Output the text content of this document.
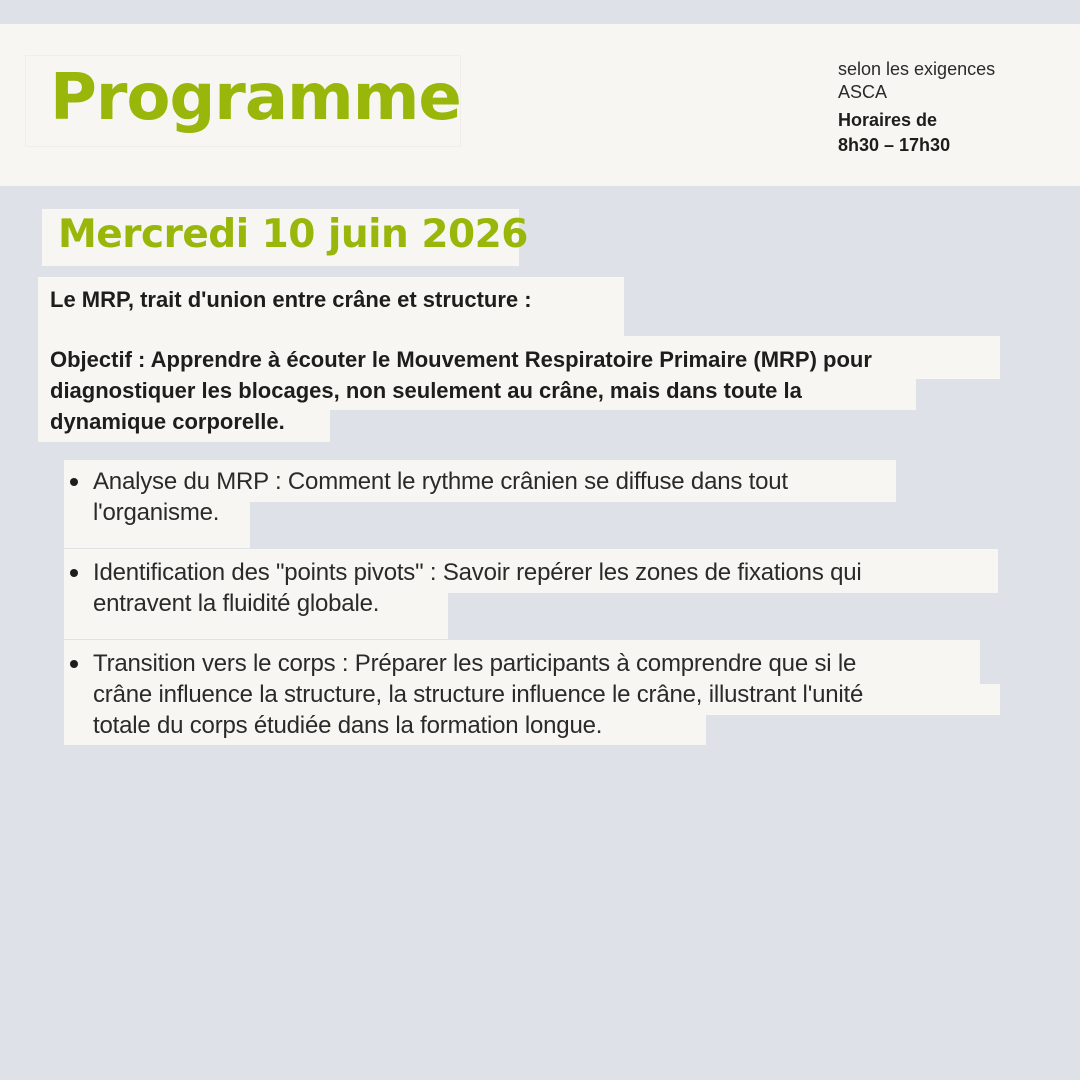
Programme	selon les exigences
ASCA
Horaires de
8h30 – 17h30
Mercredi 10 juin 2026
Le MRP, trait d'union entre crâne et structure :
Objectif : Apprendre à écouter le Mouvement Respiratoire Primaire (MRP) pour
diagnostiquer les blocages, non seulement au crâne, mais dans toute la
dynamique corporelle.
Analyse du MRP : Comment le rythme crânien se diffuse dans tout
l'organisme.
Identification des "points pivots" : Savoir repérer les zones de fixations qui
entravent la fluidité globale.
Transition vers le corps : Préparer les participants à comprendre que si le
crâne influence la structure, la structure influence le crâne, illustrant l'unité
totale du corps étudiée dans la formation longue.
